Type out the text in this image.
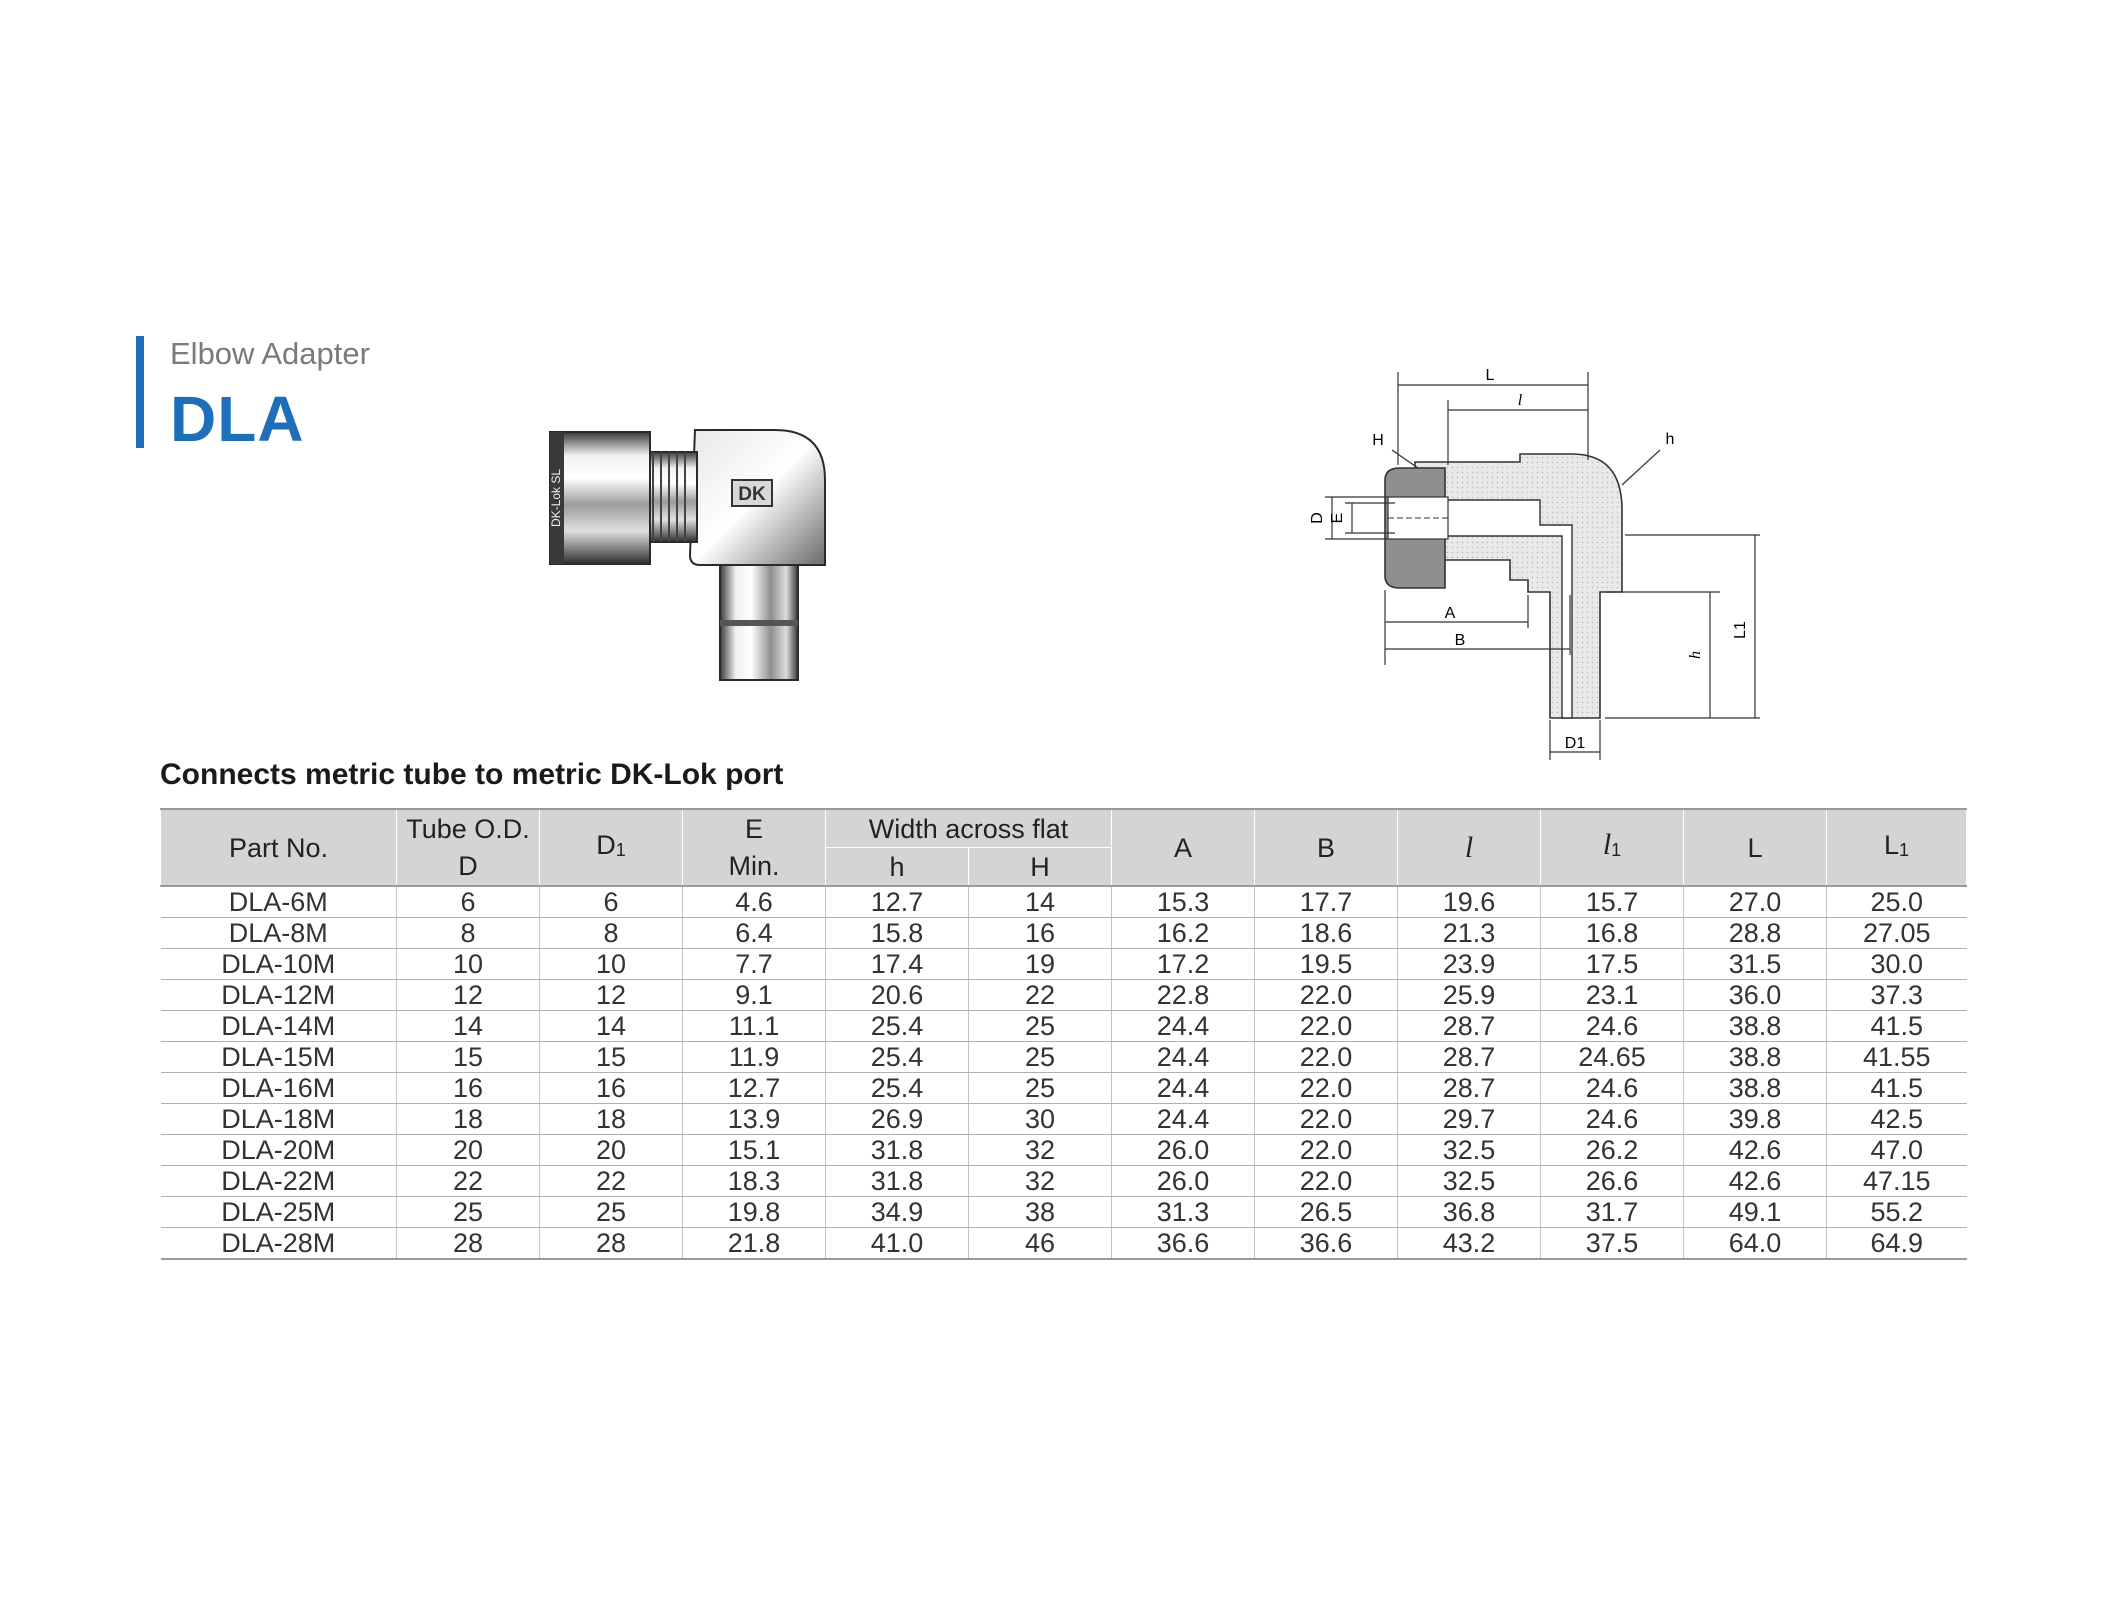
Elbow Adapter
DLA
DK-Lok SL	DK
L
l
H	h
D E
A
B
h
L1
D1
Connects metric tube to metric DK-Lok port
Part No.	Tube O.D.	$D_1$	E	Width across flat		A	B	l	$l_1$	L	$L_1$
	D		Min.	h	H						
DLA-6M	6	6	4.6	12.7	14	15.3	17.7	19.6	15.7	27.0	25.0
DLA-8M	8	8	6.4	15.8	16	16.2	18.6	21.3	16.8	28.8	27.05
DLA-10M	10	10	7.7	17.4	19	17.2	19.5	23.9	17.5	31.5	30.0
DLA-12M	12	12	9.1	20.6	22	22.8	22.0	25.9	23.1	36.0	37.3
DLA-14M	14	14	11.1	25.4	25	24.4	22.0	28.7	24.6	38.8	41.5
DLA-15M	15	15	11.9	25.4	25	24.4	22.0	28.7	24.65	38.8	41.55
DLA-16M	16	16	12.7	25.4	25	24.4	22.0	28.7	24.6	38.8	41.5
DLA-18M	18	18	13.9	26.9	30	24.4	22.0	29.7	24.6	39.8	42.5
DLA-20M	20	20	15.1	31.8	32	26.0	22.0	32.5	26.2	42.6	47.0
DLA-22M	22	22	18.3	31.8	32	26.0	22.0	32.5	26.6	42.6	47.15
DLA-25M	25	25	19.8	34.9	38	31.3	26.5	36.8	31.7	49.1	55.2
DLA-28M	28	28	21.8	41.0	46	36.6	36.6	43.2	37.5	64.0	64.9
